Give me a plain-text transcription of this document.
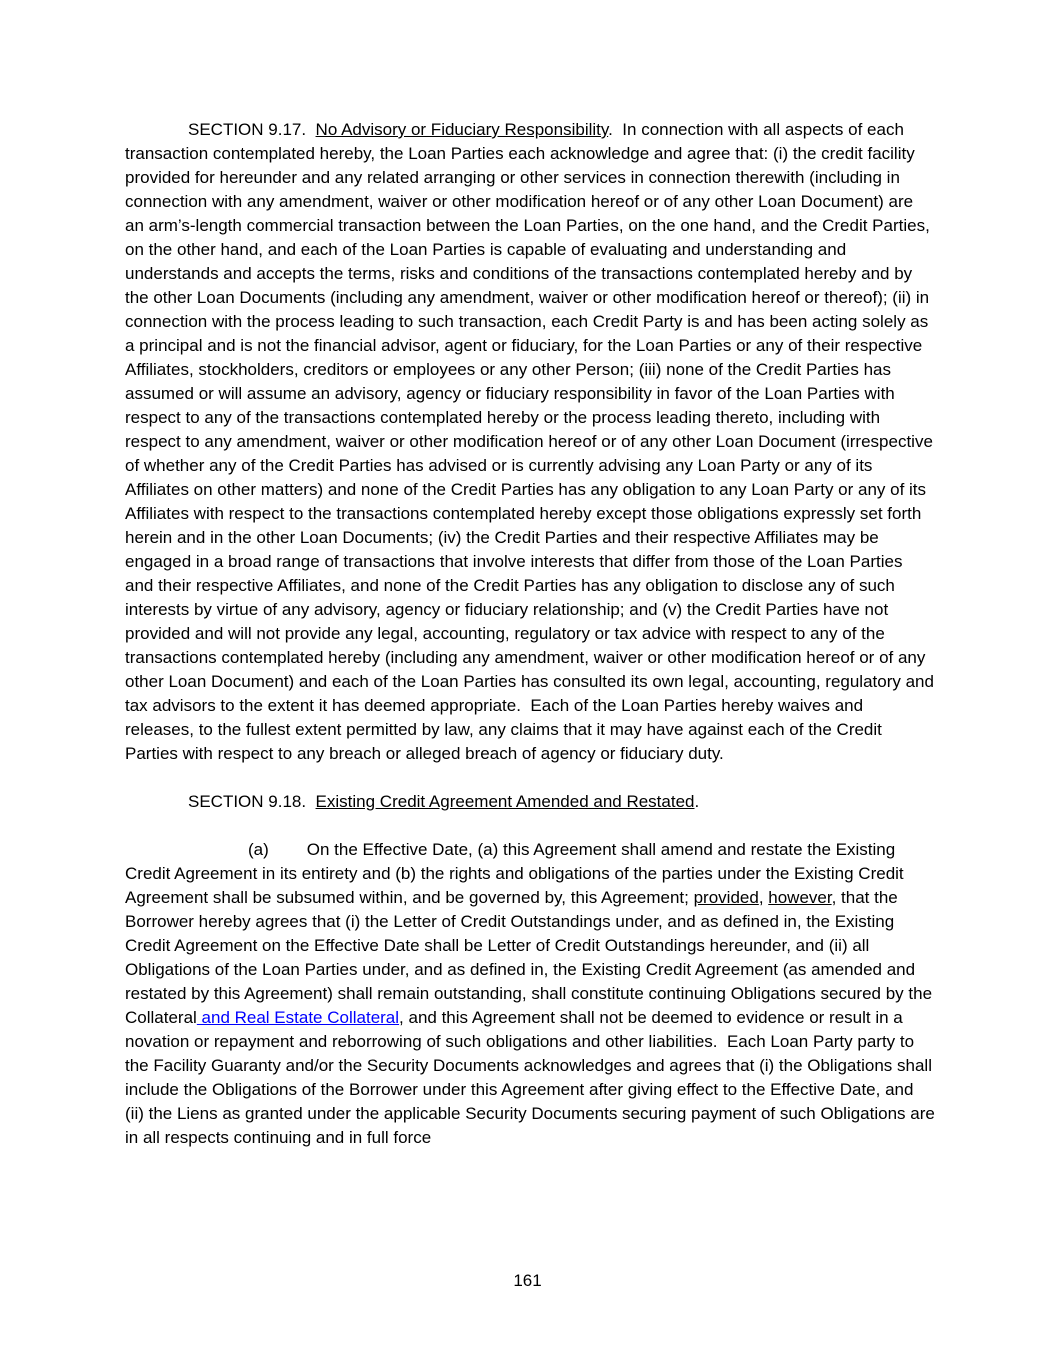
SECTION 9.17.  No Advisory or Fiduciary Responsibility.  In connection with all aspects of each transaction contemplated hereby, the Loan Parties each acknowledge and agree that: (i) the credit facility provided for hereunder and any related arranging or other services in connection therewith (including in connection with any amendment, waiver or other modification hereof or of any other Loan Document) are an arm’s-length commercial transaction between the Loan Parties, on the one hand, and the Credit Parties, on the other hand, and each of the Loan Parties is capable of evaluating and understanding and understands and accepts the terms, risks and conditions of the transactions contemplated hereby and by the other Loan Documents (including any amendment, waiver or other modification hereof or thereof); (ii) in connection with the process leading to such transaction, each Credit Party is and has been acting solely as a principal and is not the financial advisor, agent or fiduciary, for the Loan Parties or any of their respective Affiliates, stockholders, creditors or employees or any other Person; (iii) none of the Credit Parties has assumed or will assume an advisory, agency or fiduciary responsibility in favor of the Loan Parties with respect to any of the transactions contemplated hereby or the process leading thereto, including with respect to any amendment, waiver or other modification hereof or of any other Loan Document (irrespective of whether any of the Credit Parties has advised or is currently advising any Loan Party or any of its Affiliates on other matters) and none of the Credit Parties has any obligation to any Loan Party or any of its Affiliates with respect to the transactions contemplated hereby except those obligations expressly set forth herein and in the other Loan Documents; (iv) the Credit Parties and their respective Affiliates may be engaged in a broad range of transactions that involve interests that differ from those of the Loan Parties and their respective Affiliates, and none of the Credit Parties has any obligation to disclose any of such interests by virtue of any advisory, agency or fiduciary relationship; and (v) the Credit Parties have not provided and will not provide any legal, accounting, regulatory or tax advice with respect to any of the transactions contemplated hereby (including any amendment, waiver or other modification hereof or of any other Loan Document) and each of the Loan Parties has consulted its own legal, accounting, regulatory and tax advisors to the extent it has deemed appropriate.  Each of the Loan Parties hereby waives and releases, to the fullest extent permitted by law, any claims that it may have against each of the Credit Parties with respect to any breach or alleged breach of agency or fiduciary duty.

SECTION 9.18.  Existing Credit Agreement Amended and Restated.

(a) On the Effective Date, (a) this Agreement shall amend and restate the Existing Credit Agreement in its entirety and (b) the rights and obligations of the parties under the Existing Credit Agreement shall be subsumed within, and be governed by, this Agreement; provided, however, that the Borrower hereby agrees that (i) the Letter of Credit Outstandings under, and as defined in, the Existing Credit Agreement on the Effective Date shall be Letter of Credit Outstandings hereunder, and (ii) all Obligations of the Loan Parties under, and as defined in, the Existing Credit Agreement (as amended and restated by this Agreement) shall remain outstanding, shall constitute continuing Obligations secured by the Collateral and Real Estate Collateral, and this Agreement shall not be deemed to evidence or result in a novation or repayment and reborrowing of such obligations and other liabilities.  Each Loan Party party to the Facility Guaranty and/or the Security Documents acknowledges and agrees that (i) the Obligations shall include the Obligations of the Borrower under this Agreement after giving effect to the Effective Date, and (ii) the Liens as granted under the applicable Security Documents securing payment of such Obligations are in all respects continuing and in full force

161
